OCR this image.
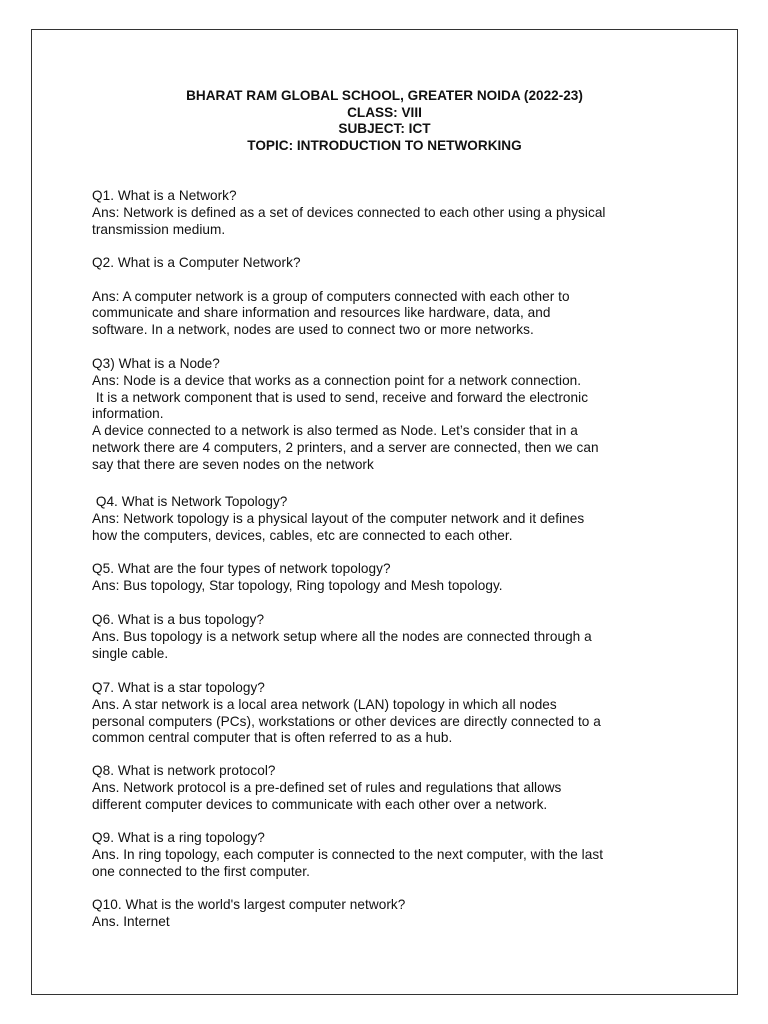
BHARAT RAM GLOBAL SCHOOL, GREATER NOIDA (2022-23)
CLASS: VIII
SUBJECT: ICT
TOPIC: INTRODUCTION TO NETWORKING
Q1. What is a Network?
Ans: Network is defined as a set of devices connected to each other using a physical
transmission medium.
Q2. What is a Computer Network?
Ans: A computer network is a group of computers connected with each other to
communicate and share information and resources like hardware, data, and
software. In a network, nodes are used to connect two or more networks.
Q3) What is a Node?
Ans: Node is a device that works as a connection point for a network connection.
It is a network component that is used to send, receive and forward the electronic
information.
A device connected to a network is also termed as Node. Let’s consider that in a
network there are 4 computers, 2 printers, and a server are connected, then we can
say that there are seven nodes on the network
Q4. What is Network Topology?
Ans: Network topology is a physical layout of the computer network and it defines
how the computers, devices, cables, etc are connected to each other.
Q5. What are the four types of network topology?
Ans: Bus topology, Star topology, Ring topology and Mesh topology.
Q6. What is a bus topology?
Ans. Bus topology is a network setup where all the nodes are connected through a
single cable.
Q7. What is a star topology?
Ans. A star network is a local area network (LAN) topology in which all nodes
personal computers (PCs), workstations or other devices are directly connected to a
common central computer that is often referred to as a hub.
Q8. What is network protocol?
Ans. Network protocol is a pre-defined set of rules and regulations that allows
different computer devices to communicate with each other over a network.
Q9. What is a ring topology?
Ans. In ring topology, each computer is connected to the next computer, with the last
one connected to the first computer.
Q10. What is the world's largest computer network?
Ans. Internet
